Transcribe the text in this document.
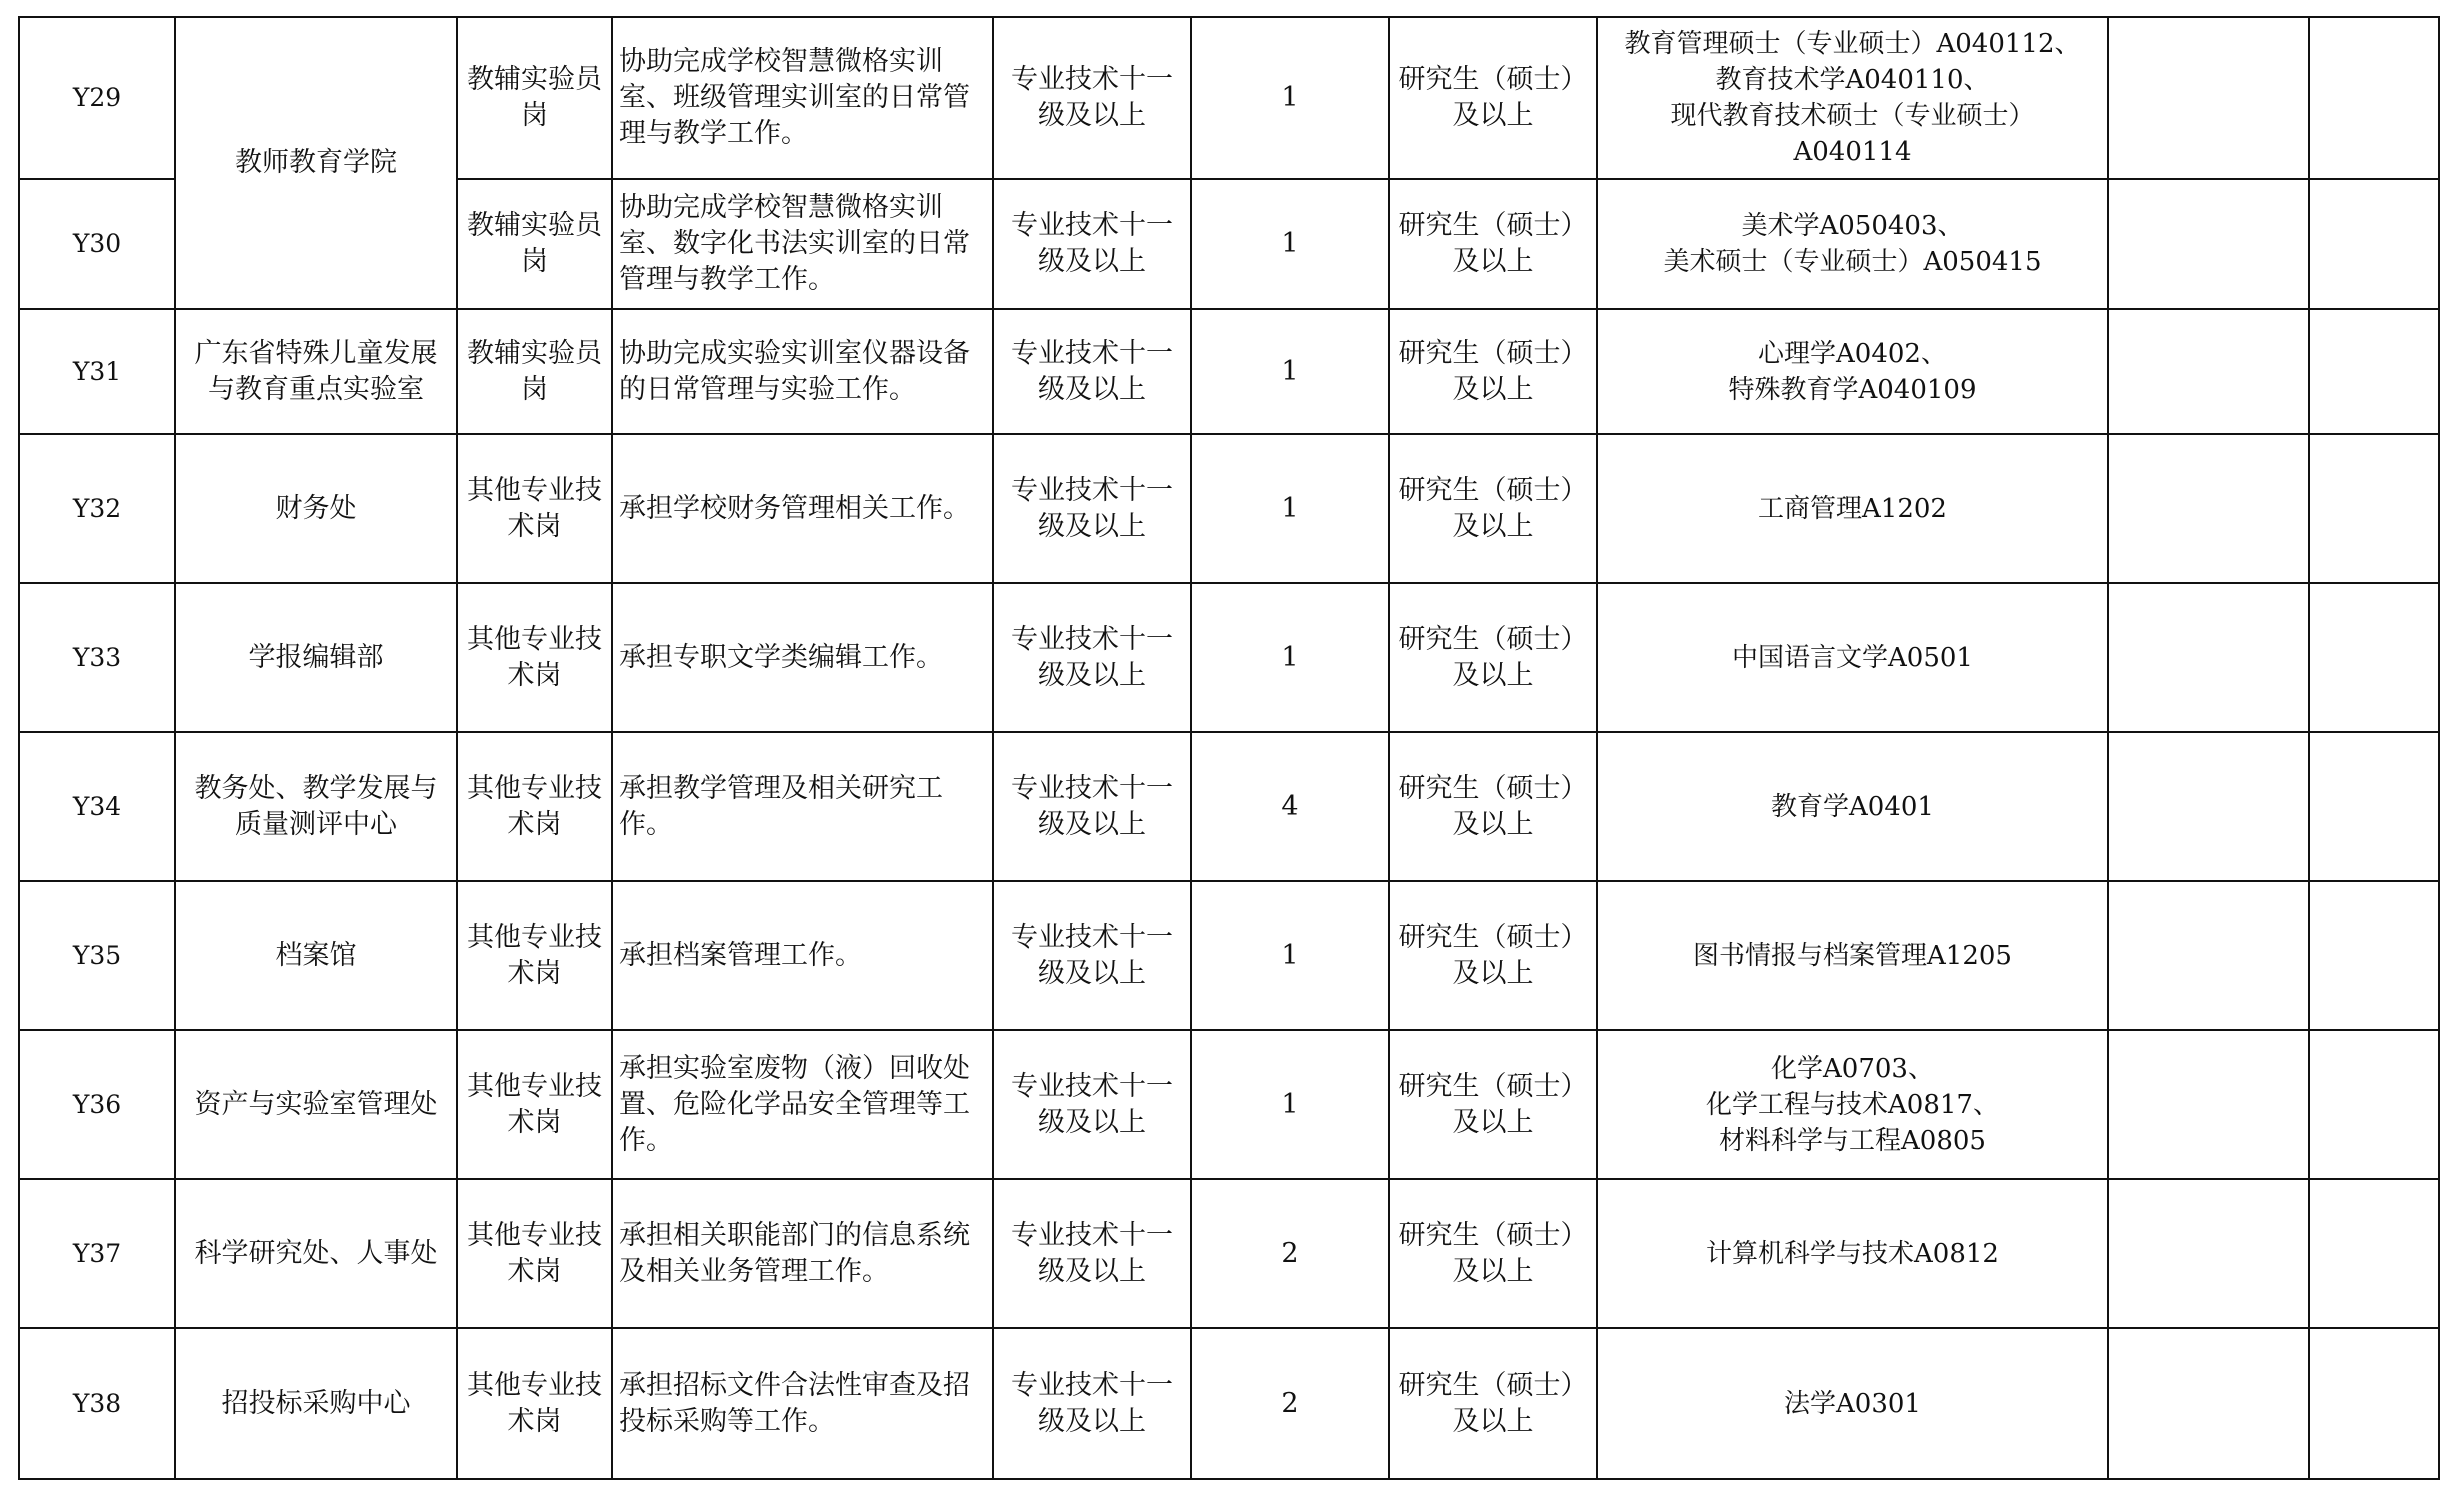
Y29	教师教育学院	教辅实验员岗	协助完成学校智慧微格实训室、班级管理实训室的日常管理与教学工作。	专业技术十一级及以上	1	研究生（硕士）及以上	教育管理硕士（专业硕士）A040112、
教育技术学A040110、
现代教育技术硕士（专业硕士）
A040114		
Y30		教辅实验员岗	协助完成学校智慧微格实训室、数字化书法实训室的日常管理与教学工作。	专业技术十一级及以上	1	研究生（硕士）及以上	美术学A050403、
美术硕士（专业硕士）A050415		
Y31	广东省特殊儿童发展与教育重点实验室	教辅实验员岗	协助完成实验实训室仪器设备的日常管理与实验工作。	专业技术十一级及以上	1	研究生（硕士）及以上	心理学A0402、
特殊教育学A040109		
Y32	财务处	其他专业技术岗	承担学校财务管理相关工作。	专业技术十一级及以上	1	研究生（硕士）及以上	工商管理A1202		
Y33	学报编辑部	其他专业技术岗	承担专职文学类编辑工作。	专业技术十一级及以上	1	研究生（硕士）及以上	中国语言文学A0501		
Y34	教务处、教学发展与质量测评中心	其他专业技术岗	承担教学管理及相关研究工作。	专业技术十一级及以上	4	研究生（硕士）及以上	教育学A0401		
Y35	档案馆	其他专业技术岗	承担档案管理工作。	专业技术十一级及以上	1	研究生（硕士）及以上	图书情报与档案管理A1205		
Y36	资产与实验室管理处	其他专业技术岗	承担实验室废物（液）回收处置、危险化学品安全管理等工作。	专业技术十一级及以上	1	研究生（硕士）及以上	化学A0703、
化学工程与技术A0817、
材料科学与工程A0805		
Y37	科学研究处、人事处	其他专业技术岗	承担相关职能部门的信息系统及相关业务管理工作。	专业技术十一级及以上	2	研究生（硕士）及以上	计算机科学与技术A0812		
Y38	招投标采购中心	其他专业技术岗	承担招标文件合法性审查及招投标采购等工作。	专业技术十一级及以上	2	研究生（硕士）及以上	法学A0301		
